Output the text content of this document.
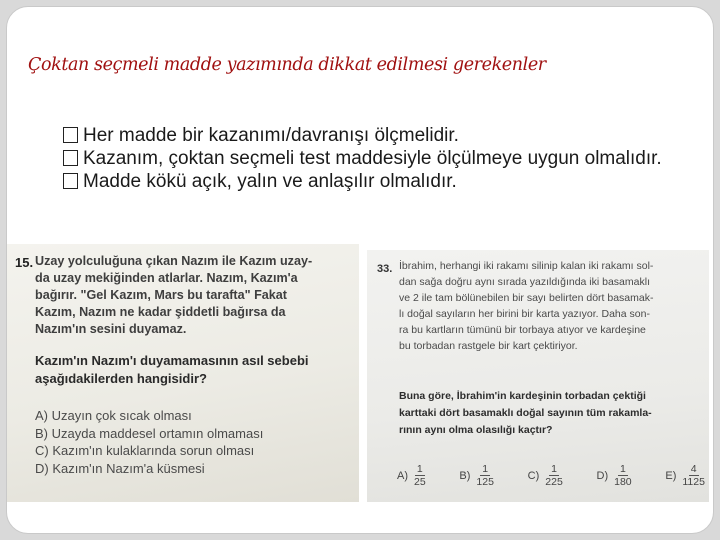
Çoktan seçmeli madde yazımında dikkat edilmesi gerekenler
Her madde bir kazanımı/davranışı ölçmelidir.
Kazanım, çoktan seçmeli test maddesiyle ölçülmeye uygun olmalıdır.
Madde kökü açık, yalın ve anlaşılır olmalıdır.
15. Uzay yolculuğuna çıkan Nazım ile Kazım uzay-
da uzay mekiğinden atlarlar. Nazım, Kazım'a
bağırır. "Gel Kazım, Mars bu tarafta" Fakat
Kazım, Nazım ne kadar şiddetli bağırsa da
Nazım'ın sesini duyamaz.
Kazım'ın Nazım'ı duyamamasının asıl sebebi
aşağıdakilerden hangisidir?
A) Uzayın çok sıcak olması
B) Uzayda maddesel ortamın olmaması
C) Kazım'ın kulaklarında sorun olması
D) Kazım'ın Nazım'a küsmesi
33. İbrahim, herhangi iki rakamı silinip kalan iki rakamı sol-
dan sağa doğru aynı sırada yazıldığında iki basamaklı
ve 2 ile tam bölünebilen bir sayı belirten dört basamak-
lı doğal sayıların her birini bir karta yazıyor. Daha son-
ra bu kartların tümünü bir torbaya atıyor ve kardeşine
bu torbadan rastgele bir kart çektiriyor.
Buna göre, İbrahim'in kardeşinin torbadan çektiği
karttaki dört basamaklı doğal sayının tüm rakamla-
rının aynı olma olasılığı kaçtır?
$A) \frac{1}{25}$	$B) \frac{1}{125}$	$C) \frac{1}{225}$	$D) \frac{1}{180}$	$E) \frac{4}{1125}$
